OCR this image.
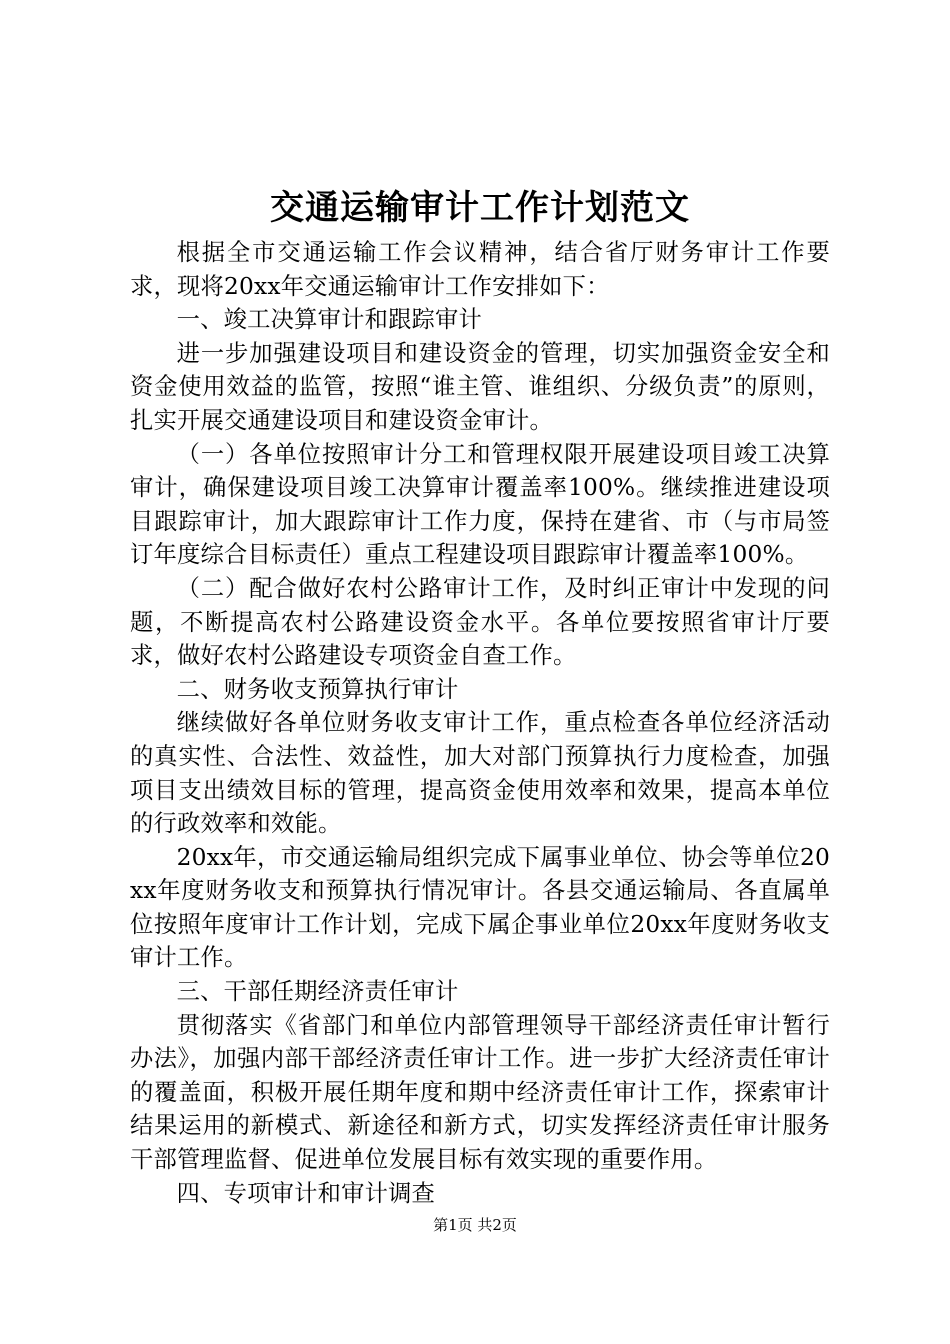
交通运输审计工作计划范文

根据全市交通运输工作会议精神，结合省厅财务审计工作要求，现将20xx年交通运输审计工作安排如下：

一、竣工决算审计和跟踪审计

进一步加强建设项目和建设资金的管理，切实加强资金安全和资金使用效益的监管，按照“谁主管、谁组织、分级负责”的原则，扎实开展交通建设项目和建设资金审计。

（一）各单位按照审计分工和管理权限开展建设项目竣工决算审计，确保建设项目竣工决算审计覆盖率100%。继续推进建设项目跟踪审计，加大跟踪审计工作力度，保持在建省、市（与市局签订年度综合目标责任）重点工程建设项目跟踪审计覆盖率100%。

（二）配合做好农村公路审计工作，及时纠正审计中发现的问题，不断提高农村公路建设资金水平。各单位要按照省审计厅要求，做好农村公路建设专项资金自查工作。

二、财务收支预算执行审计

继续做好各单位财务收支审计工作，重点检查各单位经济活动的真实性、合法性、效益性，加大对部门预算执行力度检查，加强项目支出绩效目标的管理，提高资金使用效率和效果，提高本单位的行政效率和效能。

20xx年，市交通运输局组织完成下属事业单位、协会等单位20xx年度财务收支和预算执行情况审计。各县交通运输局、各直属单位按照年度审计工作计划，完成下属企事业单位20xx年度财务收支审计工作。

三、干部任期经济责任审计

贯彻落实《省部门和单位内部管理领导干部经济责任审计暂行办法》，加强内部干部经济责任审计工作。进一步扩大经济责任审计的覆盖面，积极开展任期年度和期中经济责任审计工作，探索审计结果运用的新模式、新途径和新方式，切实发挥经济责任审计服务干部管理监督、促进单位发展目标有效实现的重要作用。

四、专项审计和审计调查

第1页 共2页
